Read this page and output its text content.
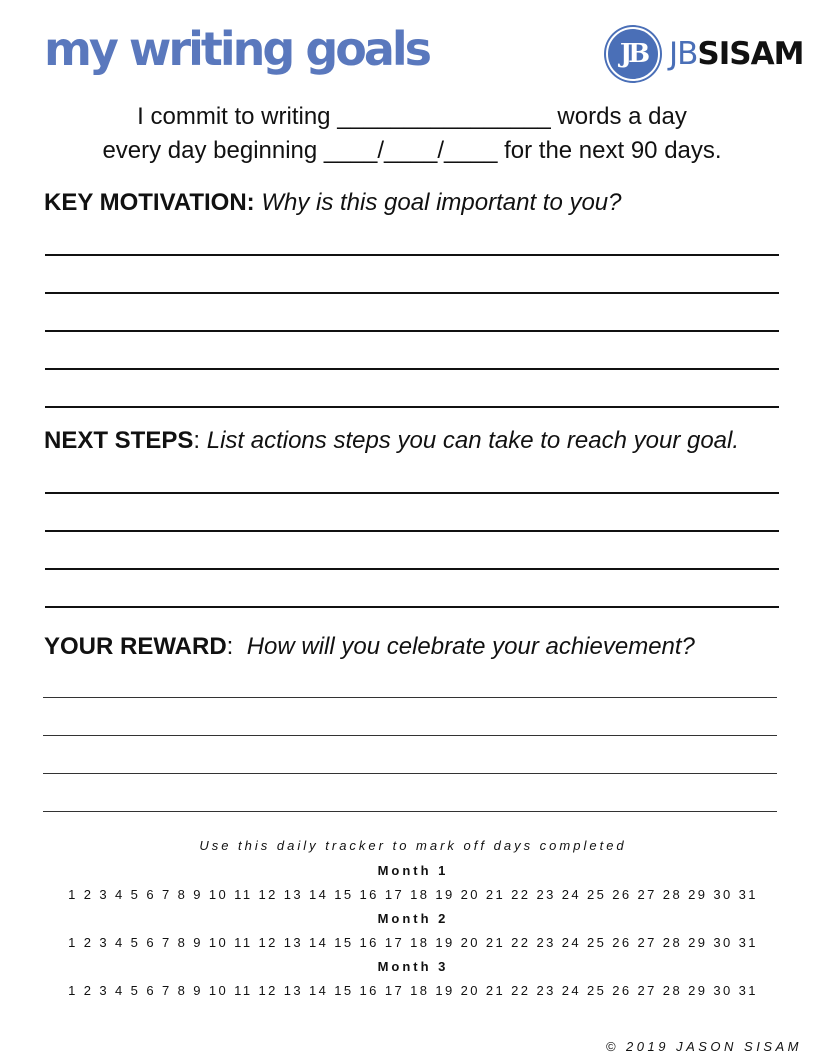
my writing goals	JB JBSISAM
I commit to writing ________________ words a day
every day beginning ____/____/____ for the next 90 days.
KEY MOTIVATION: Why is this goal important to you?
NEXT STEPS: List actions steps you can take to reach your goal.
YOUR REWARD:  How will you celebrate your achievement?
Use this daily tracker to mark off days completed
Month 1
1 2 3 4 5 6 7 8 9 10 11 12 13 14 15 16 17 18 19 20 21 22 23 24 25 26 27 28 29 30 31
Month 2
1 2 3 4 5 6 7 8 9 10 11 12 13 14 15 16 17 18 19 20 21 22 23 24 25 26 27 28 29 30 31
Month 3
1 2 3 4 5 6 7 8 9 10 11 12 13 14 15 16 17 18 19 20 21 22 23 24 25 26 27 28 29 30 31
© 2019 JASON SISAM
